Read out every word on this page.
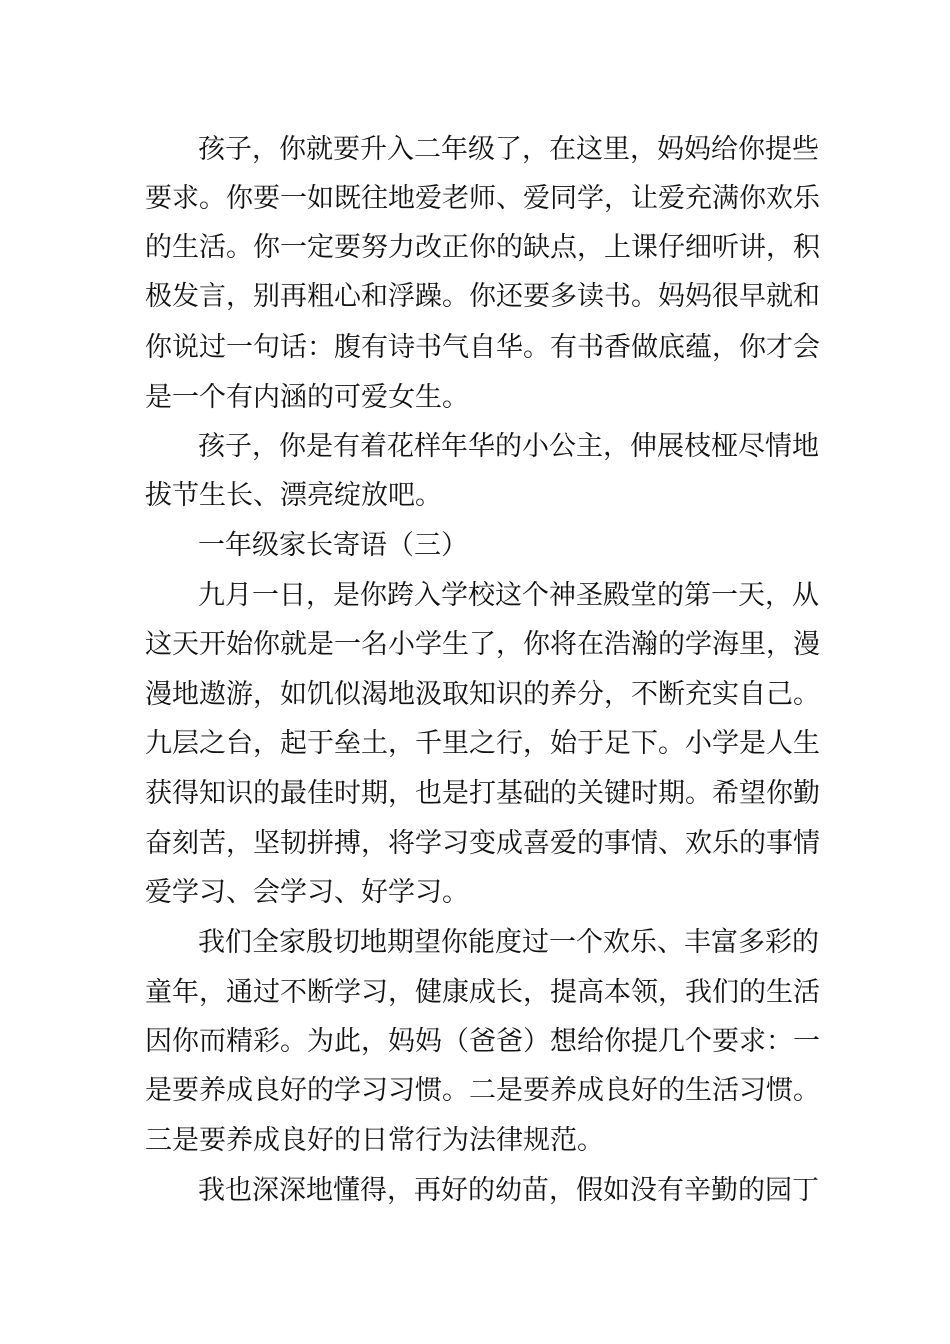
孩子，你就要升入二年级了，在这里，妈妈给你提些
要求。你要一如既往地爱老师、爱同学，让爱充满你欢乐
的生活。你一定要努力改正你的缺点，上课仔细听讲，积
极发言，别再粗心和浮躁。你还要多读书。妈妈很早就和
你说过一句话：腹有诗书气自华。有书香做底蕴，你才会
是一个有内涵的可爱女生。
孩子，你是有着花样年华的小公主，伸展枝桠尽情地
拔节生长、漂亮绽放吧。
一年级家长寄语（三）
九月一日，是你跨入学校这个神圣殿堂的第一天，从
这天开始你就是一名小学生了，你将在浩瀚的学海里，漫
漫地遨游，如饥似渴地汲取知识的养分，不断充实自己。
九层之台，起于垒土，千里之行，始于足下。小学是人生
获得知识的最佳时期，也是打基础的关键时期。希望你勤
奋刻苦，坚韧拼搏，将学习变成喜爱的事情、欢乐的事情
爱学习、会学习、好学习。
我们全家殷切地期望你能度过一个欢乐、丰富多彩的
童年，通过不断学习，健康成长，提高本领，我们的生活
因你而精彩。为此，妈妈（爸爸）想给你提几个要求：一
是要养成良好的学习习惯。二是要养成良好的生活习惯。
三是要养成良好的日常行为法律规范。
我也深深地懂得，再好的幼苗，假如没有辛勤的园丁
